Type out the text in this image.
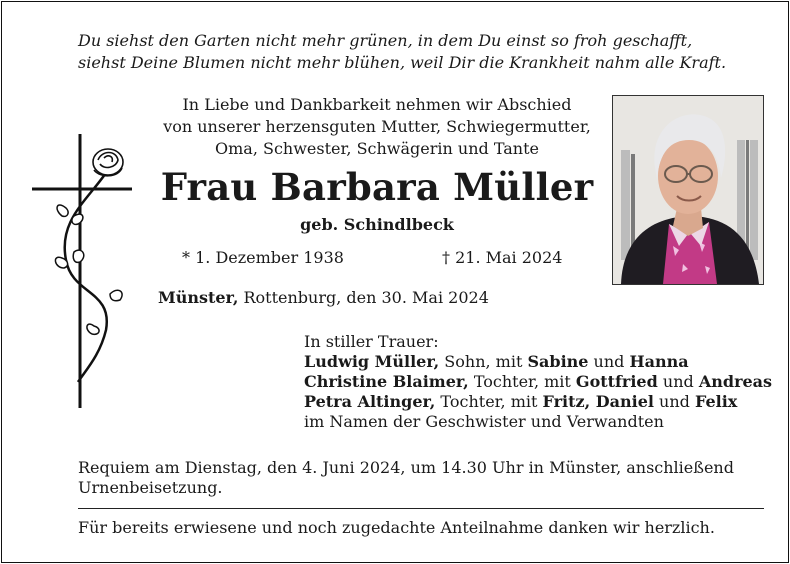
Du siehst den Garten nicht mehr grünen, in dem Du einst so froh geschafft,
siehst Deine Blumen nicht mehr blühen, weil Dir die Krankheit nahm alle Kraft.
In Liebe und Dankbarkeit nehmen wir Abschied
von unserer herzensguten Mutter, Schwiegermutter,
Oma, Schwester, Schwägerin und Tante
Frau Barbara Müller
geb. Schindlbeck
* 1. Dezember 1938	† 21. Mai 2024
Münster, Rottenburg, den 30. Mai 2024
In stiller Trauer:
Ludwig Müller, Sohn, mit Sabine und Hanna
Christine Blaimer, Tochter, mit Gottfried und Andreas
Petra Altinger, Tochter, mit Fritz, Daniel und Felix
im Namen der Geschwister und Verwandten
Requiem am Dienstag, den 4. Juni 2024, um 14.30 Uhr in Münster, anschließend
Urnenbeisetzung.
Für bereits erwiesene und noch zugedachte Anteilnahme danken wir herzlich.
